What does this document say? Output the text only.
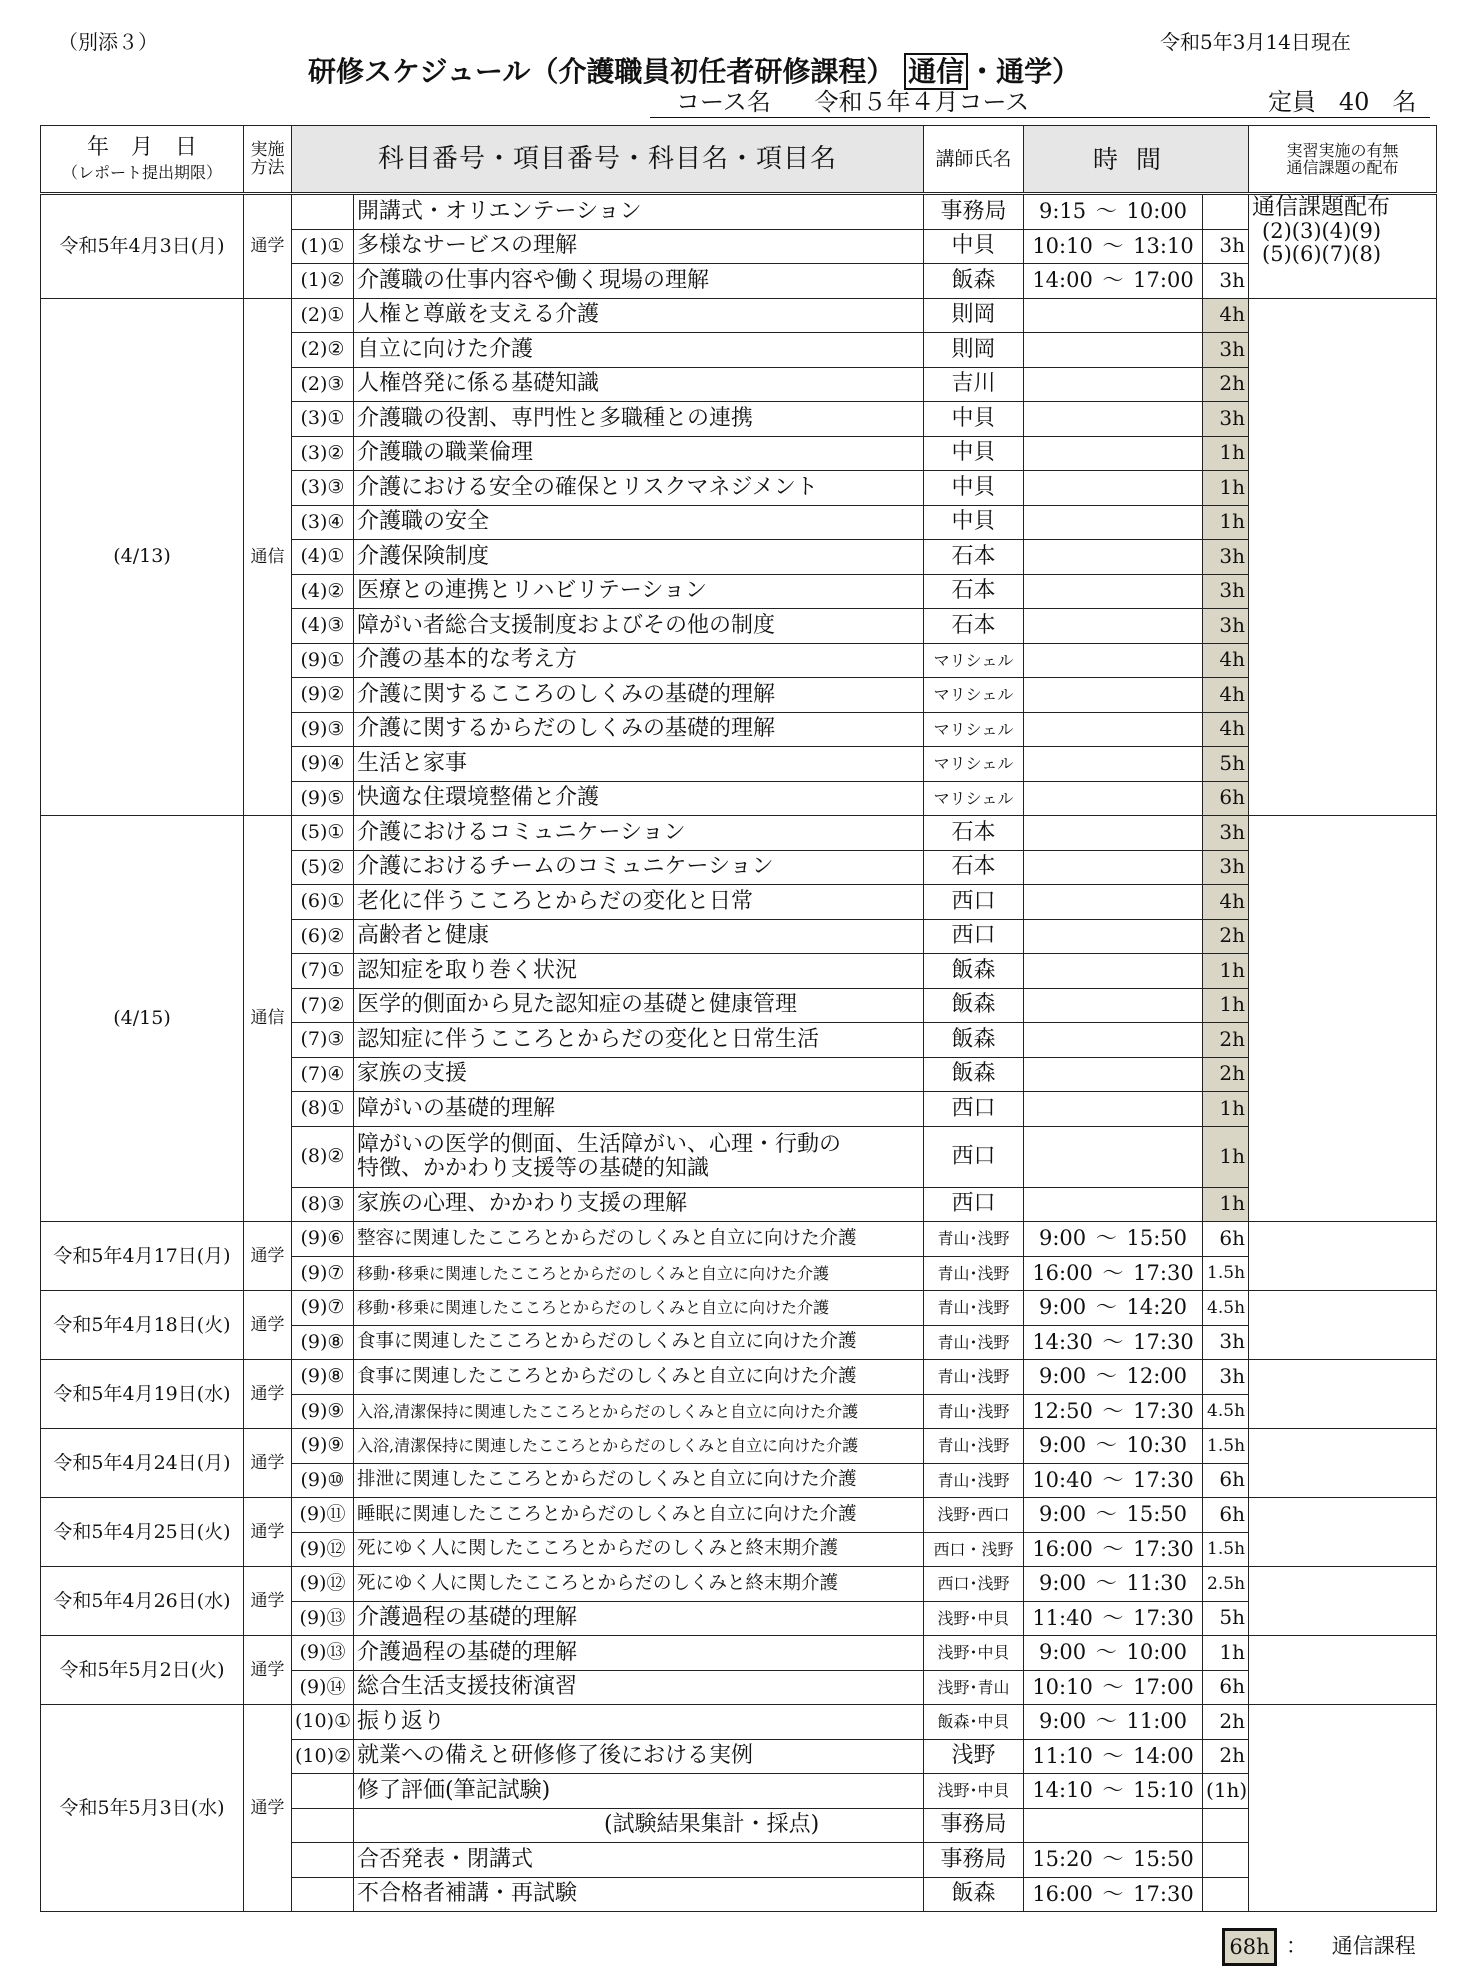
（別添３）	令和5年3月14日現在
研修スケジュール（介護職員初任者研修課程） 通信 ・通学）
コース名 令和５年４月コース	定員 40 名
年　月　日
（レポート提出期限）	実施方法	科目番号・項目番号・科目名・項目名		講師氏名	時間		実習実施の有無
通信課題の配布

令和5年4月3日(月)	通学		開講式・オリエンテーション	事務局	9:15 ～ 10:00		通信課題配布
(2)(3)(4)(9)
(5)(6)(7)(8)

		(1)①	多様なサービスの理解	中貝	10:10 ～ 13:10	3h	
		(1)②	介護職の仕事内容や働く現場の理解	飯森	14:00 ～ 17:00	3h	
(4/13)	通信	(2)①	人権と尊厳を支える介護	則岡		4h	
		(2)②	自立に向けた介護	則岡		3h	
		(2)③	人権啓発に係る基礎知識	吉川		2h	
		(3)①	介護職の役割、専門性と多職種との連携	中貝		3h	
		(3)②	介護職の職業倫理	中貝		1h	
		(3)③	介護における安全の確保とリスクマネジメント	中貝		1h	
		(3)④	介護職の安全	中貝		1h	
		(4)①	介護保険制度	石本		3h	
		(4)②	医療との連携とリハビリテーション	石本		3h	
		(4)③	障がい者総合支援制度およびその他の制度	石本		3h	
		(9)①	介護の基本的な考え方	マリシェル		4h	
		(9)②	介護に関するこころのしくみの基礎的理解	マリシェル		4h	
		(9)③	介護に関するからだのしくみの基礎的理解	マリシェル		4h	
		(9)④	生活と家事	マリシェル		5h	
		(9)⑤	快適な住環境整備と介護	マリシェル		6h	
(4/15)	通信	(5)①	介護におけるコミュニケーション	石本		3h	
		(5)②	介護におけるチームのコミュニケーション	石本		3h	
		(6)①	老化に伴うこころとからだの変化と日常	西口		4h	
		(6)②	高齢者と健康	西口		2h	
		(7)①	認知症を取り巻く状況	飯森		1h	
		(7)②	医学的側面から見た認知症の基礎と健康管理	飯森		1h	
		(7)③	認知症に伴うこころとからだの変化と日常生活	飯森		2h	
		(7)④	家族の支援	飯森		2h	
		(8)①	障がいの基礎的理解	西口		1h	
		(8)②	障がいの医学的側面、生活障がい、心理・行動の
特徴、かかわり支援等の基礎的知識	西口		1h	
		(8)③	家族の心理、かかわり支援の理解	西口		1h	
令和5年4月17日(月)	通学	(9)⑥	整容に関連したこころとからだのしくみと自立に向けた介護	青山･浅野	9:00 ～ 15:50	6h	
		(9)⑦	移動･移乗に関連したこころとからだのしくみと自立に向けた介護	青山･浅野	16:00 ～ 17:30	1.5h	
令和5年4月18日(火)	通学	(9)⑦	移動･移乗に関連したこころとからだのしくみと自立に向けた介護	青山･浅野	9:00 ～ 14:20	4.5h	
		(9)⑧	食事に関連したこころとからだのしくみと自立に向けた介護	青山･浅野	14:30 ～ 17:30	3h	
令和5年4月19日(水)	通学	(9)⑧	食事に関連したこころとからだのしくみと自立に向けた介護	青山･浅野	9:00 ～ 12:00	3h	
		(9)⑨	入浴,清潔保持に関連したこころとからだのしくみと自立に向けた介護	青山･浅野	12:50 ～ 17:30	4.5h	
令和5年4月24日(月)	通学	(9)⑨	入浴,清潔保持に関連したこころとからだのしくみと自立に向けた介護	青山･浅野	9:00 ～ 10:30	1.5h	
		(9)⑩	排泄に関連したこころとからだのしくみと自立に向けた介護	青山･浅野	10:40 ～ 17:30	6h	
令和5年4月25日(火)	通学	(9)⑪	睡眠に関連したこころとからだのしくみと自立に向けた介護	浅野･西口	9:00 ～ 15:50	6h	
		(9)⑫	死にゆく人に関したこころとからだのしくみと終末期介護	西口・浅野	16:00 ～ 17:30	1.5h	
令和5年4月26日(水)	通学	(9)⑫	死にゆく人に関したこころとからだのしくみと終末期介護	西口･浅野	9:00 ～ 11:30	2.5h	
		(9)⑬	介護過程の基礎的理解	浅野･中貝	11:40 ～ 17:30	5h	
令和5年5月2日(火)	通学	(9)⑬	介護過程の基礎的理解	浅野･中貝	9:00 ～ 10:00	1h	
		(9)⑭	総合生活支援技術演習	浅野･青山	10:10 ～ 17:00	6h	
令和5年5月3日(水)	通学	(10)①	振り返り	飯森･中貝	9:00 ～ 11:00	2h	
		(10)②	就業への備えと研修修了後における実例	浅野	11:10 ～ 14:00	2h	
			修了評価(筆記試験)	浅野･中貝	14:10 ～ 15:10	(1h)	
			(試験結果集計・採点)	事務局			
			合否発表・閉講式	事務局	15:20 ～ 15:50		
			不合格者補講・再試験	飯森	16:00 ～ 17:30		
68h ： 通信課程
